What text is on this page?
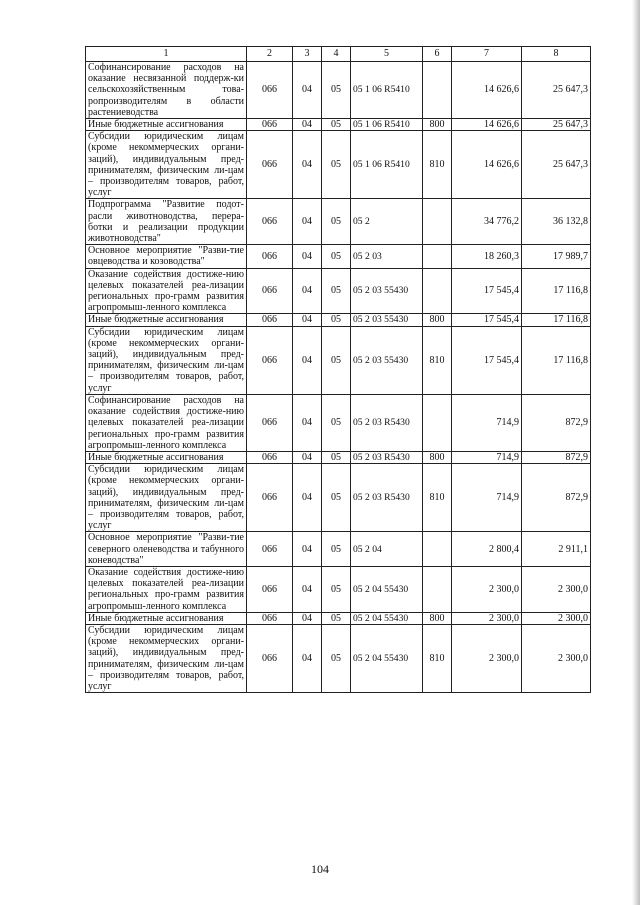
1	2	3	4	5	6	7	8
Софинансирование расходов на оказание несвязанной поддерж-ки сельскохозяйственным това-ропроизводителям в области растениеводства	066	04	05	05 1 06 R5410		14 626,6	25 647,3
Иные бюджетные ассигнования	066	04	05	05 1 06 R5410	800	14 626,6	25 647,3
Субсидии юридическим лицам (кроме некоммерческих органи-заций), индивидуальным пред-принимателям, физическим ли-цам – производителям товаров, работ, услуг	066	04	05	05 1 06 R5410	810	14 626,6	25 647,3
Подпрограмма "Развитие подот-расли животноводства, перера-ботки и реализации продукции животноводства"	066	04	05	05 2		34 776,2	36 132,8
Основное мероприятие "Разви-тие овцеводства и козоводства"	066	04	05	05 2 03		18 260,3	17 989,7
Оказание содействия достиже-нию целевых показателей реа-лизации региональных про-грамм развития агропромыш-ленного комплекса	066	04	05	05 2 03 55430		17 545,4	17 116,8
Иные бюджетные ассигнования	066	04	05	05 2 03 55430	800	17 545,4	17 116,8
Субсидии юридическим лицам (кроме некоммерческих органи-заций), индивидуальным пред-принимателям, физическим ли-цам – производителям товаров, работ, услуг	066	04	05	05 2 03 55430	810	17 545,4	17 116,8
Софинансирование расходов на оказание содействия достиже-нию целевых показателей реа-лизации региональных про-грамм развития агропромыш-ленного комплекса	066	04	05	05 2 03 R5430		714,9	872,9
Иные бюджетные ассигнования	066	04	05	05 2 03 R5430	800	714,9	872,9
Субсидии юридическим лицам (кроме некоммерческих органи-заций), индивидуальным пред-принимателям, физическим ли-цам – производителям товаров, работ, услуг	066	04	05	05 2 03 R5430	810	714,9	872,9
Основное мероприятие "Разви-тие северного оленеводства и табунного коневодства"	066	04	05	05 2 04		2 800,4	2 911,1
Оказание содействия достиже-нию целевых показателей реа-лизации региональных про-грамм развития агропромыш-ленного комплекса	066	04	05	05 2 04 55430		2 300,0	2 300,0
Иные бюджетные ассигнования	066	04	05	05 2 04 55430	800	2 300,0	2 300,0
Субсидии юридическим лицам (кроме некоммерческих органи-заций), индивидуальным пред-принимателям, физическим ли-цам – производителям товаров, работ, услуг	066	04	05	05 2 04 55430	810	2 300,0	2 300,0
104
